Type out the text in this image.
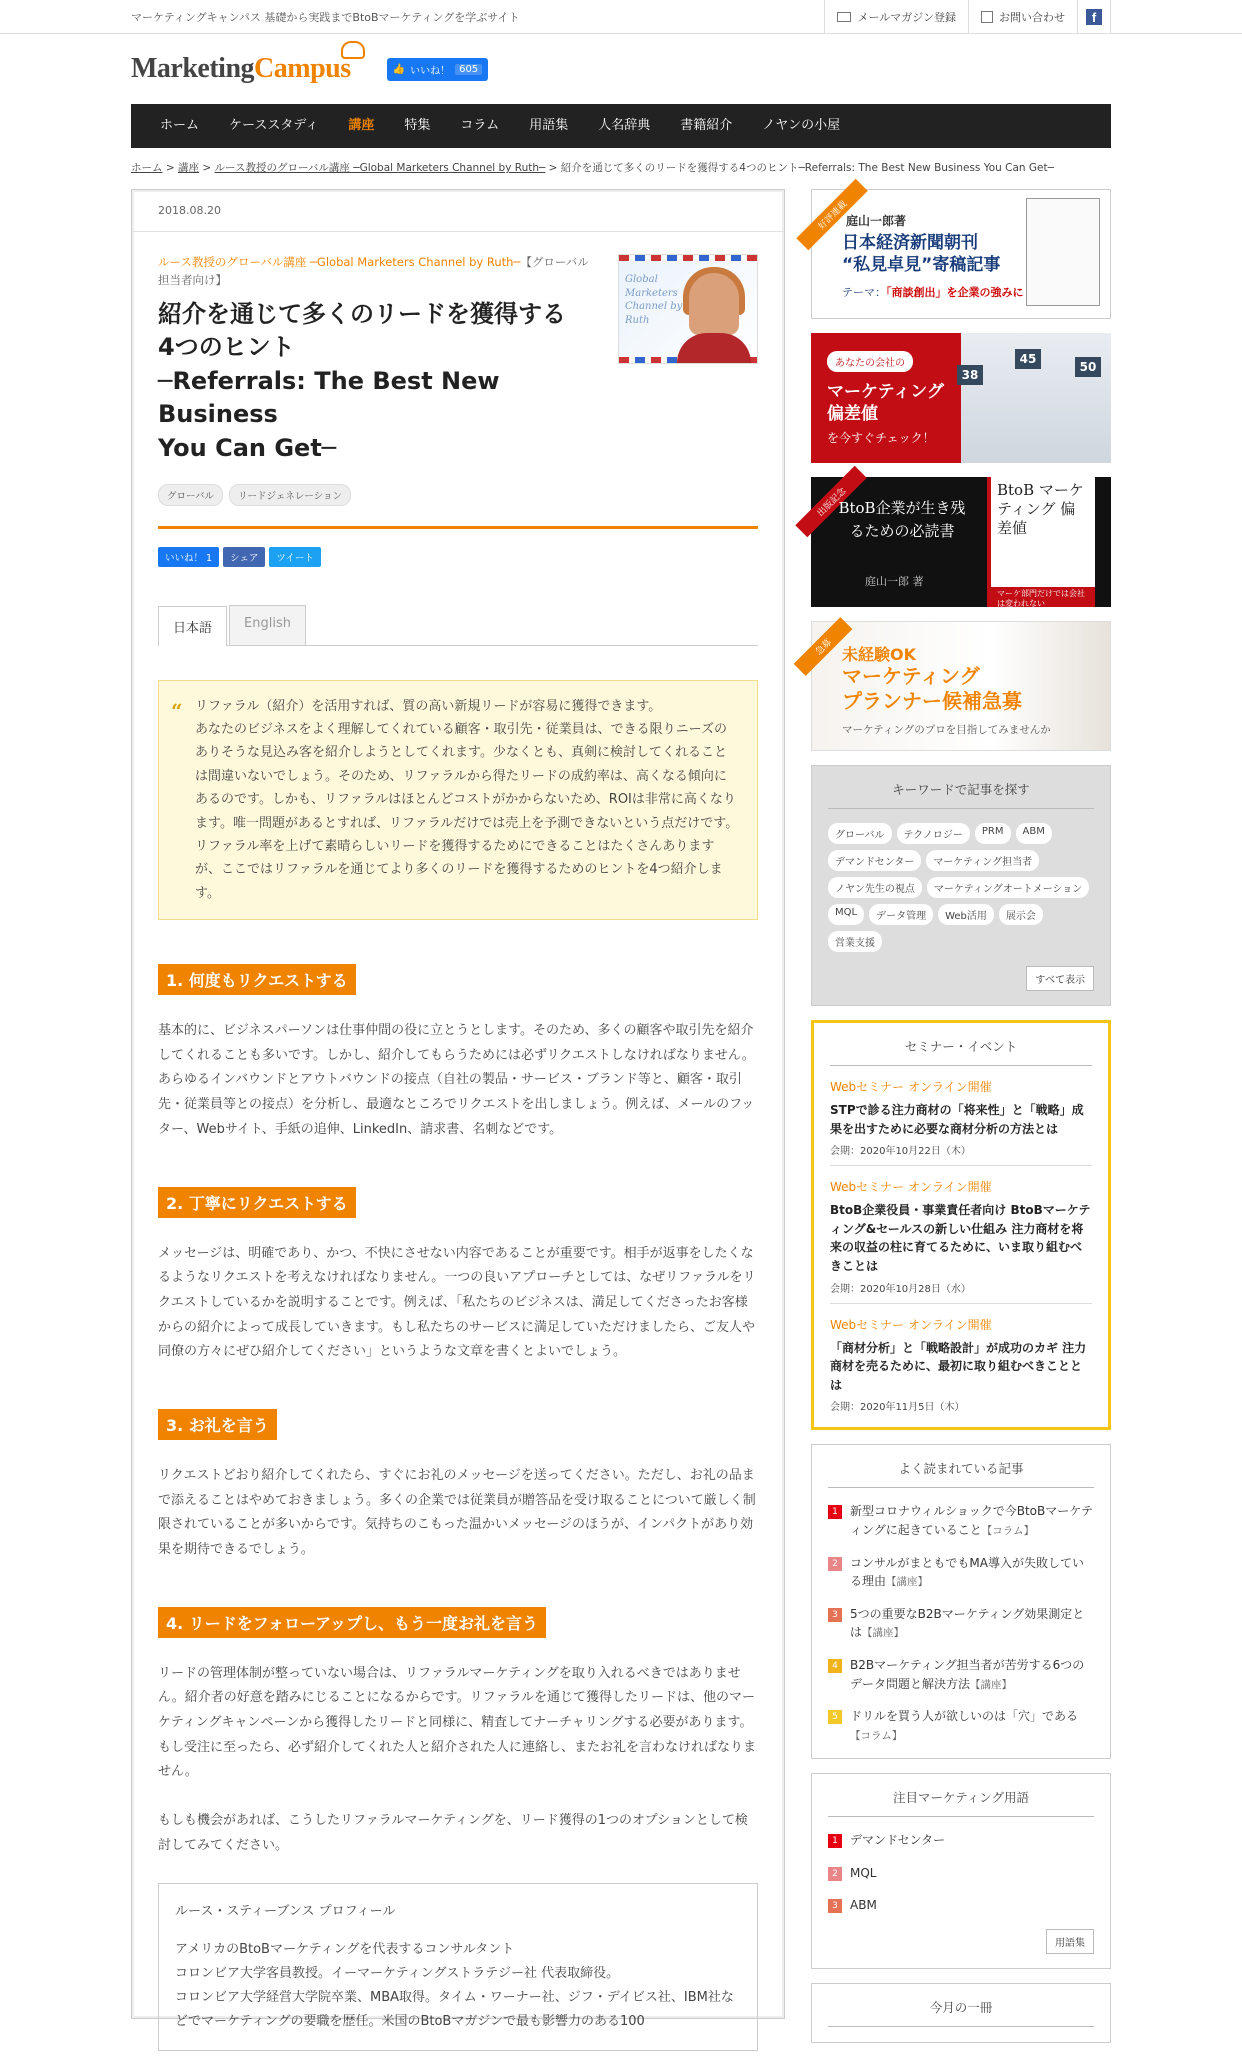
マーケティングキャンパス 基礎から実践までBtoBマーケティングを学ぶサイト	メールマガジン登録	お問い合わせ	f
MarketingCampus	👍 いいね！ 605
ホーム	ケーススタディ	講座	特集	コラム	用語集	人名辞典	書籍紹介	ノヤンの小屋
ホーム > 講座 > ルース教授のグローバル講座 ─Global Marketers Channel by Ruth─ > 紹介を通じて多くのリードを獲得する4つのヒント─Referrals: The Best New Business You Can Get─
2018.08.20
ルース教授のグローバル講座 ─Global Marketers Channel by Ruth─【グローバル担当者向け】
紹介を通じて多くのリードを獲得する
4つのヒント
─Referrals: The Best New Business
You Can Get─
Global Marketers Channel by Ruth
グローバル	リードジェネレーション
いいね！ 1	シェア	ツイート
日本語	English
“ リファラル（紹介）を活用すれば、質の高い新規リードが容易に獲得できます。
あなたのビジネスをよく理解してくれている顧客・取引先・従業員は、できる限りニーズのありそうな見込み客を紹介しようとしてくれます。少なくとも、真剣に検討してくれることは間違いないでしょう。そのため、リファラルから得たリードの成約率は、高くなる傾向にあるのです。しかも、リファラルはほとんどコストがかからないため、ROIは非常に高くなります。唯一問題があるとすれば、リファラルだけでは売上を予測できないという点だけです。
リファラル率を上げて素晴らしいリードを獲得するためにできることはたくさんありますが、ここではリファラルを通じてより多くのリードを獲得するためのヒントを4つ紹介します。
1. 何度もリクエストする
基本的に、ビジネスパーソンは仕事仲間の役に立とうとします。そのため、多くの顧客や取引先を紹介してくれることも多いです。しかし、紹介してもらうためには必ずリクエストしなければなりません。あらゆるインバウンドとアウトバウンドの接点（自社の製品・サービス・ブランド等と、顧客・取引先・従業員等との接点）を分析し、最適なところでリクエストを出しましょう。例えば、メールのフッター、Webサイト、手紙の追伸、LinkedIn、請求書、名刺などです。
2. 丁寧にリクエストする
メッセージは、明確であり、かつ、不快にさせない内容であることが重要です。相手が返事をしたくなるようなリクエストを考えなければなりません。一つの良いアプローチとしては、なぜリファラルをリクエストしているかを説明することです。例えば、「私たちのビジネスは、満足してくださったお客様からの紹介によって成長していきます。もし私たちのサービスに満足していただけましたら、ご友人や同僚の方々にぜひ紹介してください」というような文章を書くとよいでしょう。
3. お礼を言う
リクエストどおり紹介してくれたら、すぐにお礼のメッセージを送ってください。ただし、お礼の品まで添えることはやめておきましょう。多くの企業では従業員が贈答品を受け取ることについて厳しく制限されていることが多いからです。気持ちのこもった温かいメッセージのほうが、インパクトがあり効果を期待できるでしょう。
4. リードをフォローアップし、もう一度お礼を言う
リードの管理体制が整っていない場合は、リファラルマーケティングを取り入れるべきではありません。紹介者の好意を踏みにじることになるからです。リファラルを通じて獲得したリードは、他のマーケティングキャンペーンから獲得したリードと同様に、精査してナーチャリングする必要があります。もし受注に至ったら、必ず紹介してくれた人と紹介された人に連絡し、またお礼を言わなければなりません。
もしも機会があれば、こうしたリファラルマーケティングを、リード獲得の1つのオプションとして検討してみてください。
ルース・スティーブンス プロフィール
アメリカのBtoBマーケティングを代表するコンサルタント
コロンビア大学客員教授。イーマーケティングストラテジー社 代表取締役。
コロンビア大学経営大学院卒業、MBA取得。タイム・ワーナー社、ジフ・デイビス社、IBM社などでマーケティングの要職を歴任。米国のBtoBマガジンで最も影響力のある100
好評連載
庭山一郎著
日本経済新聞朝刊
“私見卓見”寄稿記事
テーマ：「商談創出」を企業の強みに
あなたの会社の
マーケティング
偏差値
を今すぐチェック！
38
45
50
出版記念
BtoB企業が生き残るための必読書
庭山一郎 著
BtoB マーケティング 偏差値
マーケ部門だけでは会社は変われない
急募 未経験OK
マーケティング
プランナー候補急募
マーケティングのプロを目指してみませんか
キーワードで記事を探す
グローバル	テクノロジー	PRM	ABM
デマンドセンター	マーケティング担当者
ノヤン先生の視点	マーケティングオートメーション
MQL	データ管理	Web活用	展示会
営業支援
すべて表示
セミナー・イベント
Webセミナー オンライン開催
STPで診る注力商材の「将来性」と「戦略」成果を出すために必要な商材分析の方法とは
会期：2020年10月22日（木）
Webセミナー オンライン開催
BtoB企業役員・事業責任者向け BtoBマーケティング&セールスの新しい仕組み 注力商材を将来の収益の柱に育てるために、いま取り組むべきことは
会期：2020年10月28日（水）
Webセミナー オンライン開催
「商材分析」と「戦略設計」が成功のカギ 注力商材を売るために、最初に取り組むべきこととは
会期：2020年11月5日（木）
よく読まれている記事
1	新型コロナウィルショックで今BtoBマーケティングに起きていること【コラム】
2	コンサルがまともでもMA導入が失敗している理由【講座】
3	5つの重要なB2Bマーケティング効果測定とは【講座】
4	B2Bマーケティング担当者が苦労する6つのデータ問題と解決方法【講座】
5	ドリルを買う人が欲しいのは「穴」である【コラム】
注目マーケティング用語
1	デマンドセンター
2	MQL
3	ABM
用語集
今月の一冊
